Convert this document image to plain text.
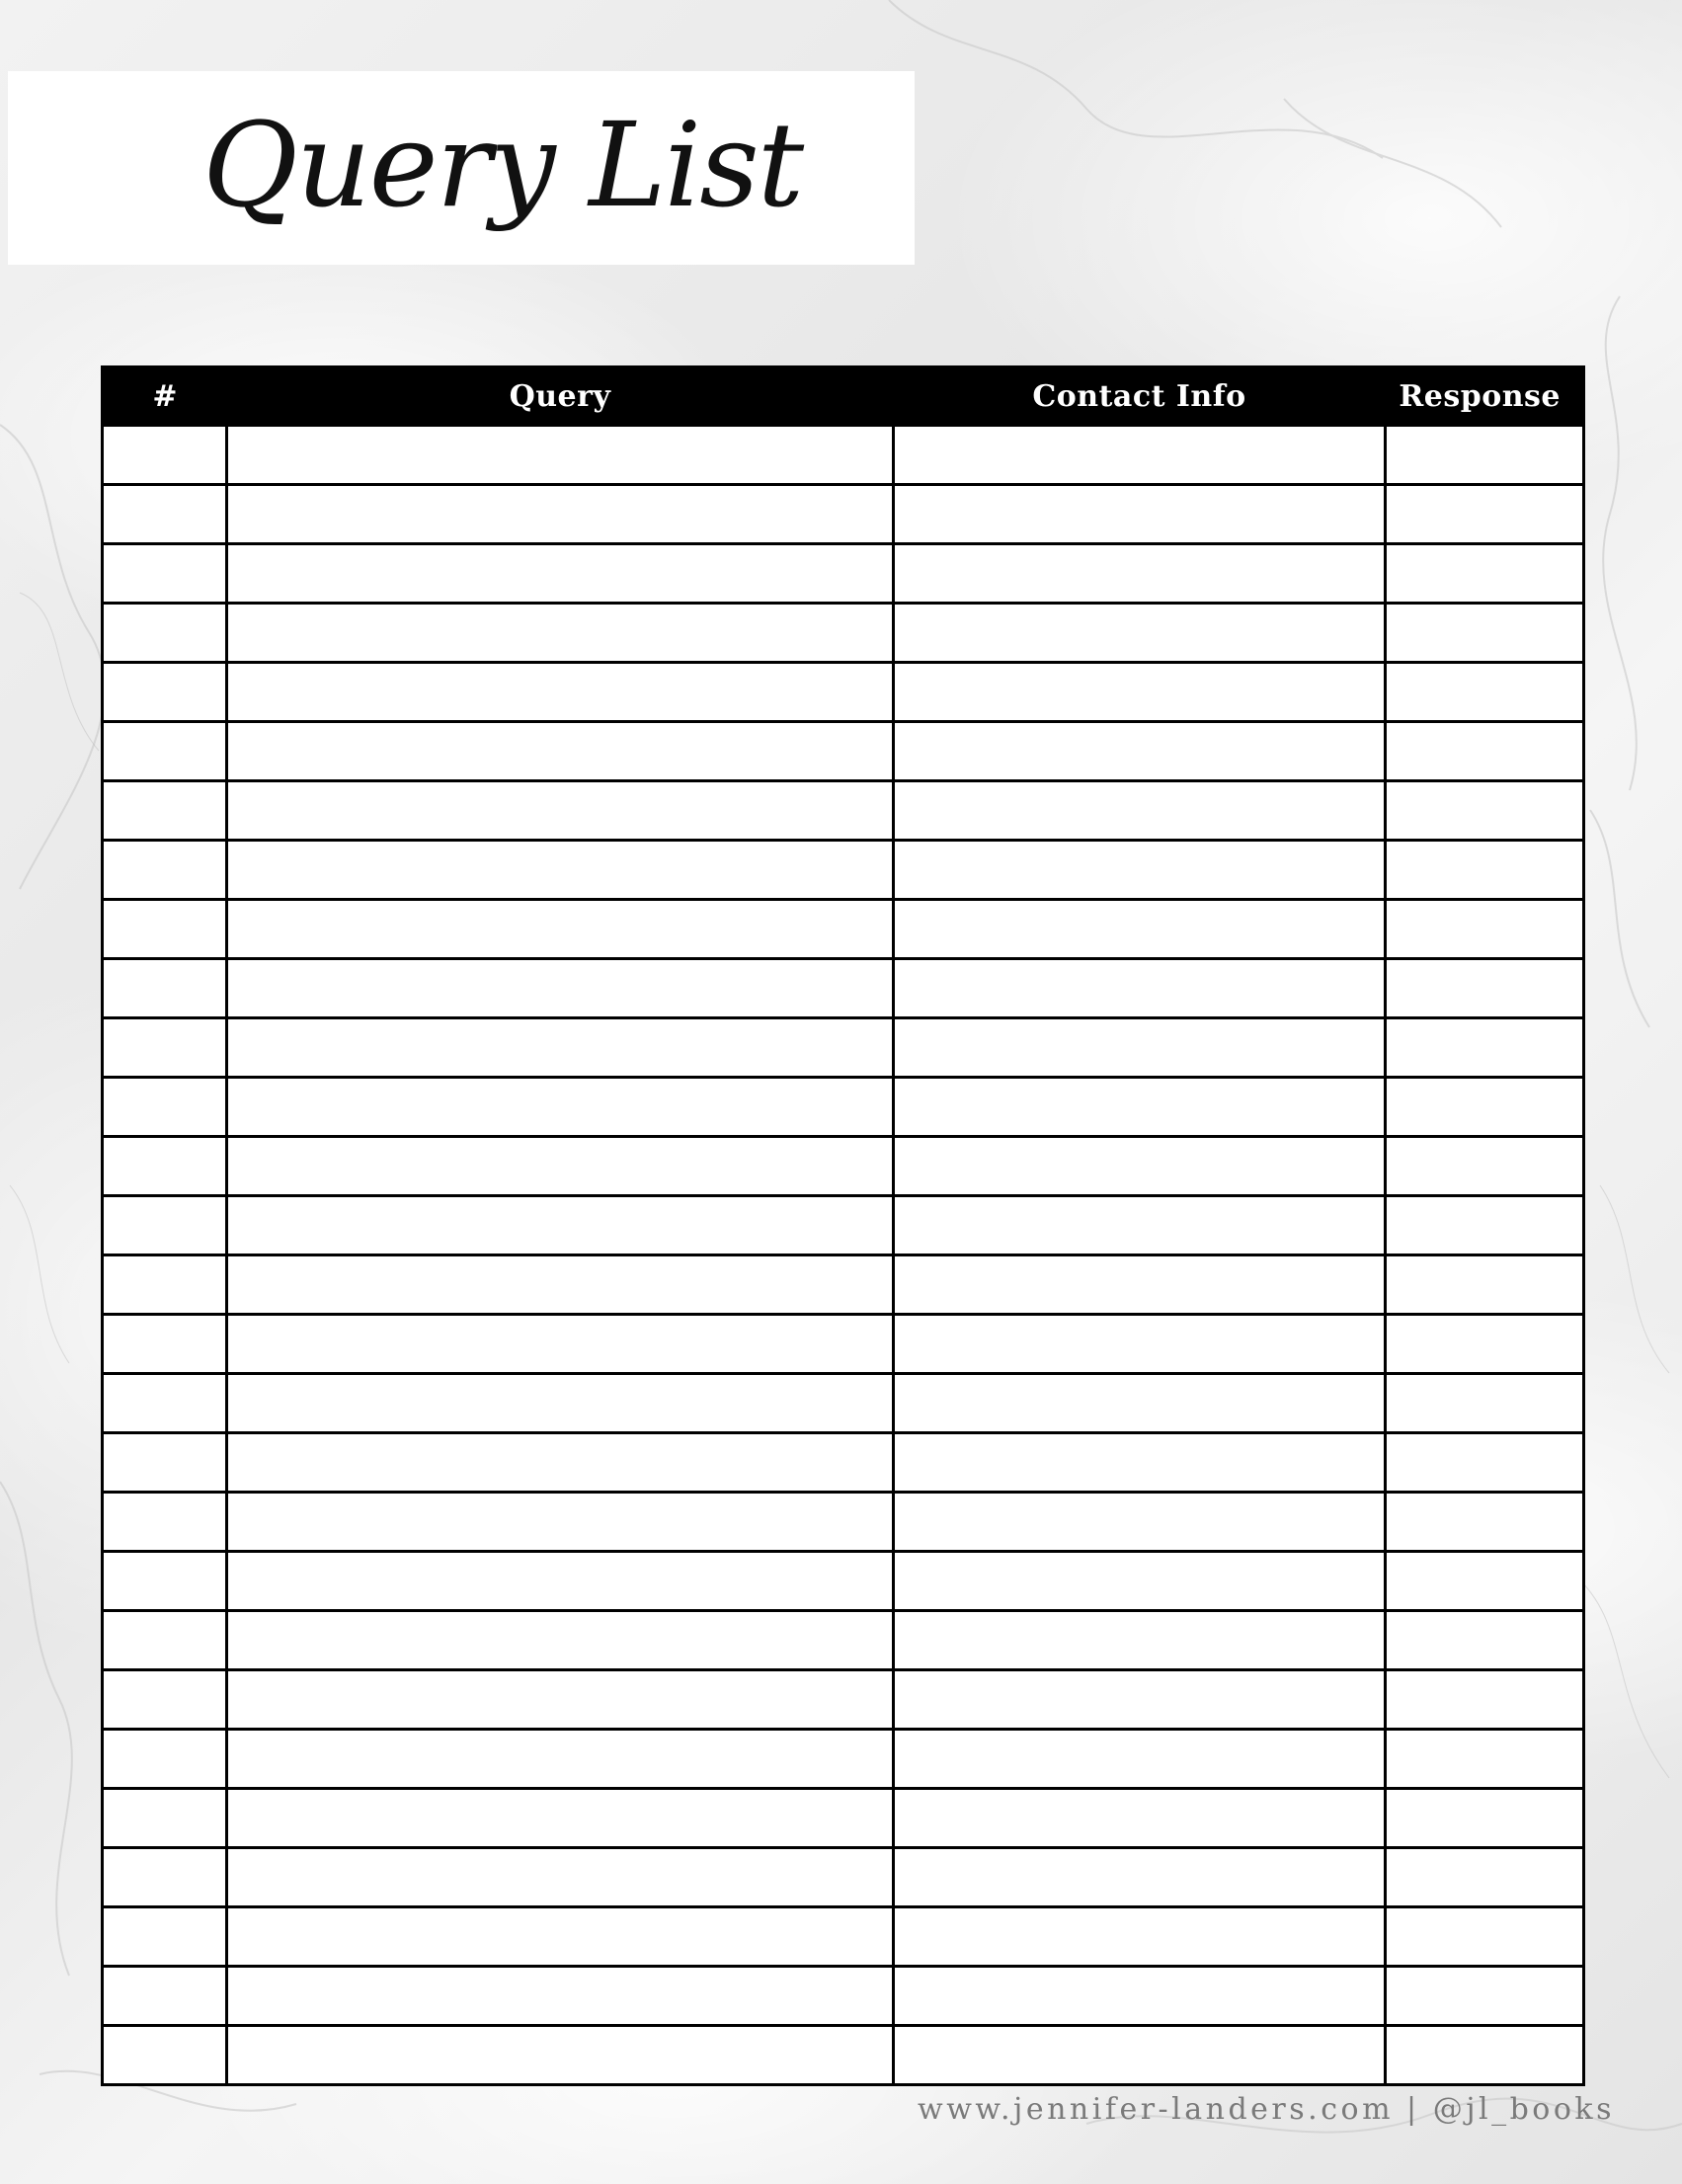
Query List
#	Query	Contact Info	Response

www.jennifer-landers.com | @jl_books
